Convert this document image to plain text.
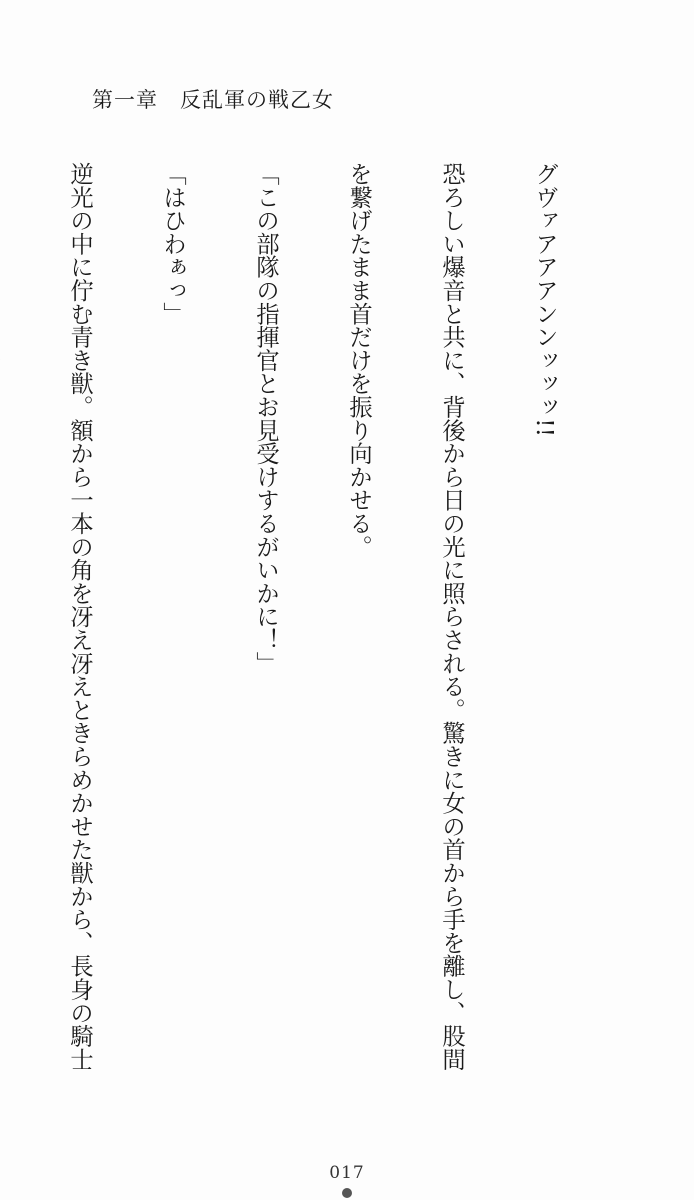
第一章　反乱軍の戦乙女

グヴァアアアンンッッッ!!

恐ろしい爆音と共に、背後から日の光に照らされる。驚きに女の首から手を離し、股間

を繋げたまま首だけを振り向かせる。

「この部隊の指揮官とお見受けするがいかに！」

「はひわぁっ」

逆光の中に佇む青き獣。額から一本の角を冴え冴えときらめかせた獣から、長身の騎士

017
